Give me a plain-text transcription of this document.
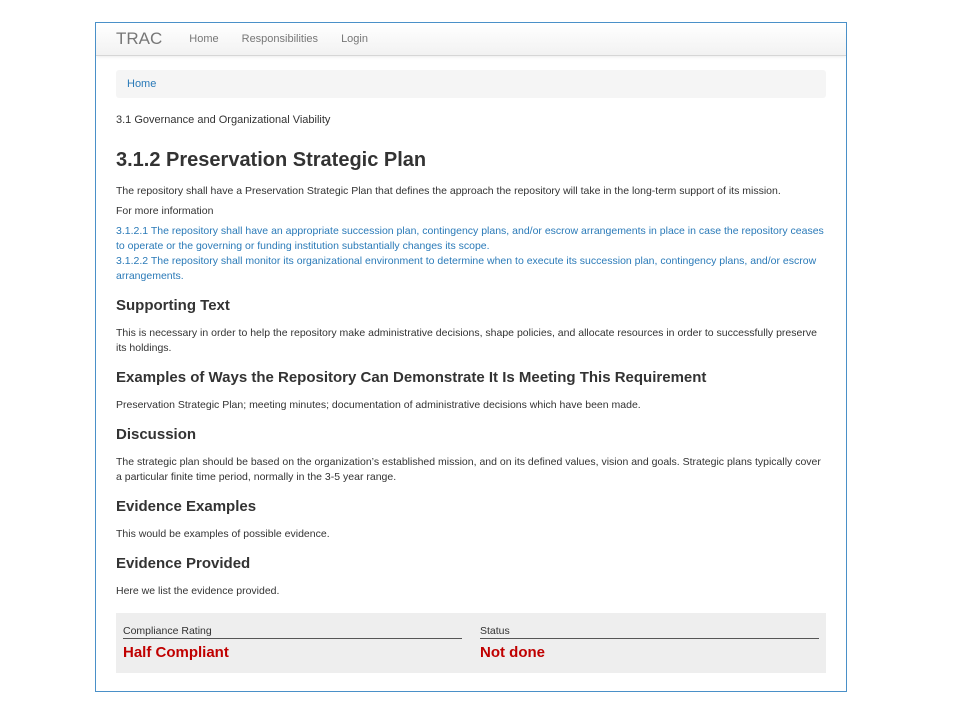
TRAC Home Responsibilities Login
Home
3.1 Governance and Organizational Viability
3.1.2 Preservation Strategic Plan

The repository shall have a Preservation Strategic Plan that defines the approach the repository will take in the long-term support of its mission.

For more information

3.1.2.1 The repository shall have an appropriate succession plan, contingency plans, and/or escrow arrangements in place in case the repository ceases to operate or the governing or funding institution substantially changes its scope.
3.1.2.2 The repository shall monitor its organizational environment to determine when to execute its succession plan, contingency plans, and/or escrow arrangements.
Supporting Text

This is necessary in order to help the repository make administrative decisions, shape policies, and allocate resources in order to successfully preserve its holdings.

Examples of Ways the Repository Can Demonstrate It Is Meeting This Requirement

Preservation Strategic Plan; meeting minutes; documentation of administrative decisions which have been made.

Discussion

The strategic plan should be based on the organization’s established mission, and on its defined values, vision and goals. Strategic plans typically cover a particular finite time period, normally in the 3-5 year range.

Evidence Examples

This would be examples of possible evidence.

Evidence Provided

Here we list the evidence provided.

Compliance Rating
Half Compliant
Status
Not done
